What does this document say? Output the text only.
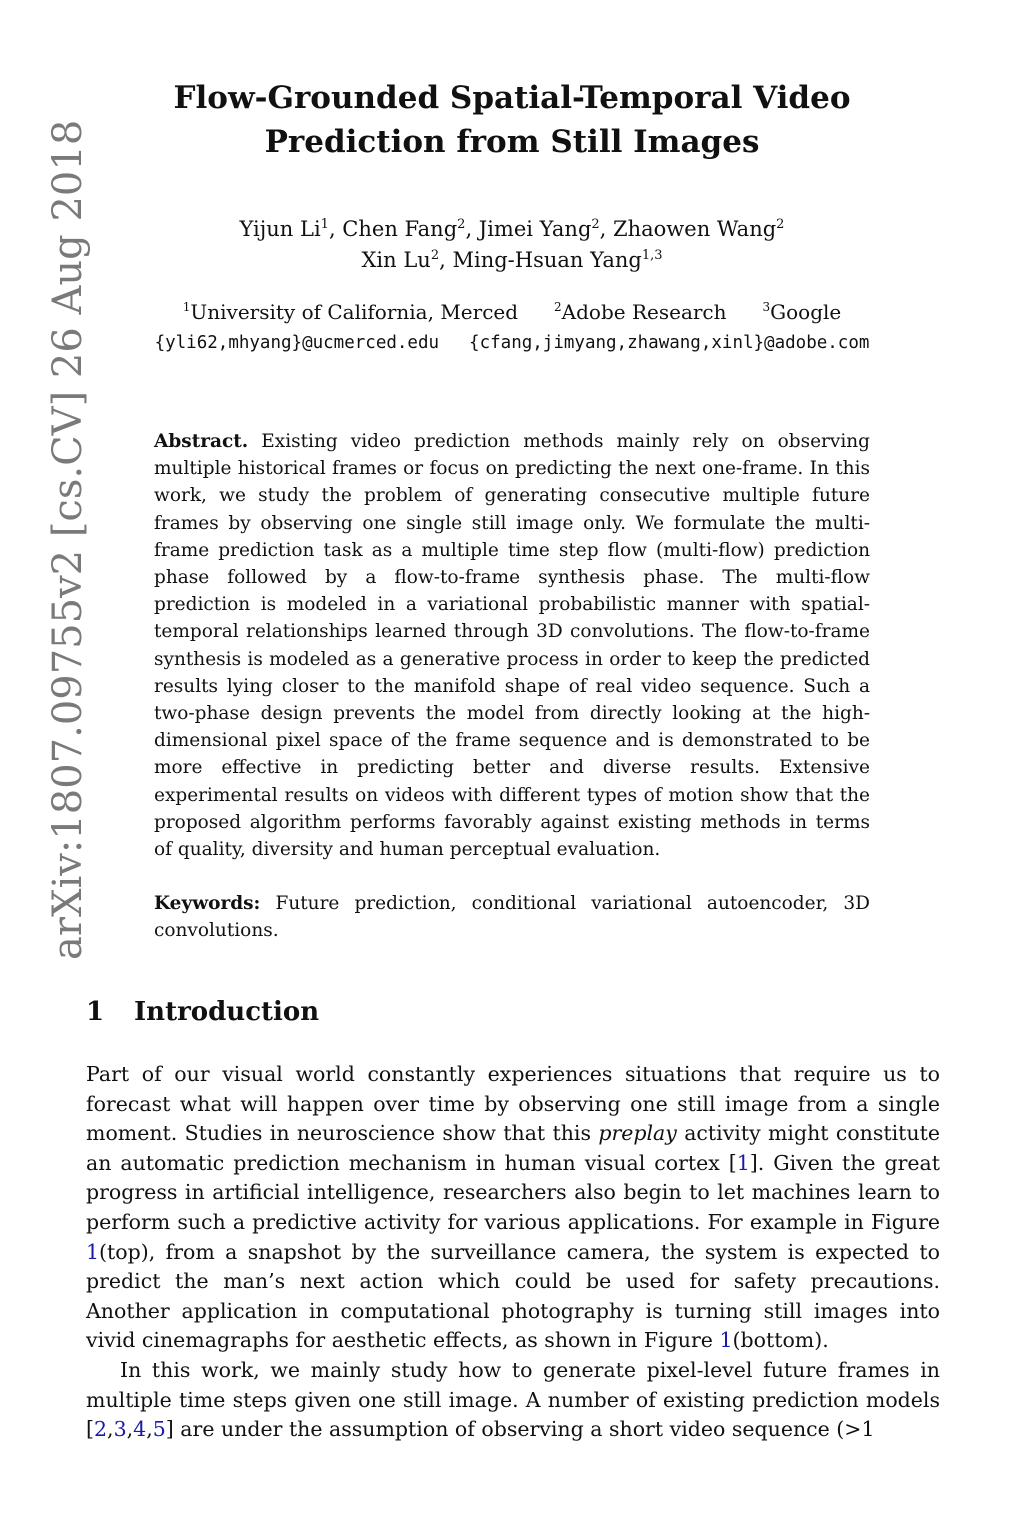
arXiv:1807.09755v2 [cs.CV] 26 Aug 2018
Flow-Grounded Spatial-Temporal Video
Prediction from Still Images
Yijun Li$^1$, Chen Fang$^2$, Jimei Yang$^2$, Zhaowen Wang$^2$
Xin Lu$^2$, Ming-Hsuan Yang$^{1,3}$
$^1$University of California, Merced	$^2$Adobe Research	$^3$Google
{yli62,mhyang}@ucmerced.edu {cfang,jimyang,zhawang,xinl}@adobe.com
Abstract. Existing video prediction methods mainly rely on observing multiple historical frames or focus on predicting the next one-frame. In this work, we study the problem of generating consecutive multiple future frames by observing one single still image only. We formulate the multi-frame prediction task as a multiple time step flow (multi-flow) prediction phase followed by a flow-to-frame synthesis phase. The multi-flow prediction is modeled in a variational probabilistic manner with spatial-temporal relationships learned through 3D convolutions. The flow-to-frame synthesis is modeled as a generative process in order to keep the predicted results lying closer to the manifold shape of real video sequence. Such a two-phase design prevents the model from directly looking at the high-dimensional pixel space of the frame sequence and is demonstrated to be more effective in predicting better and diverse results. Extensive experimental results on videos with different types of motion show that the proposed algorithm performs favorably against existing methods in terms of quality, diversity and human perceptual evaluation.
Keywords: Future prediction, conditional variational autoencoder, 3D convolutions.
1 Introduction

Part of our visual world constantly experiences situations that require us to forecast what will happen over time by observing one still image from a single moment. Studies in neuroscience show that this preplay activity might constitute an automatic prediction mechanism in human visual cortex [1]. Given the great progress in artificial intelligence, researchers also begin to let machines learn to perform such a predictive activity for various applications. For example in Figure 1(top), from a snapshot by the surveillance camera, the system is expected to predict the man’s next action which could be used for safety precautions. Another application in computational photography is turning still images into vivid cinemagraphs for aesthetic effects, as shown in Figure 1(bottom).

In this work, we mainly study how to generate pixel-level future frames in multiple time steps given one still image. A number of existing prediction models [2,3,4,5] are under the assumption of observing a short video sequence (>1
